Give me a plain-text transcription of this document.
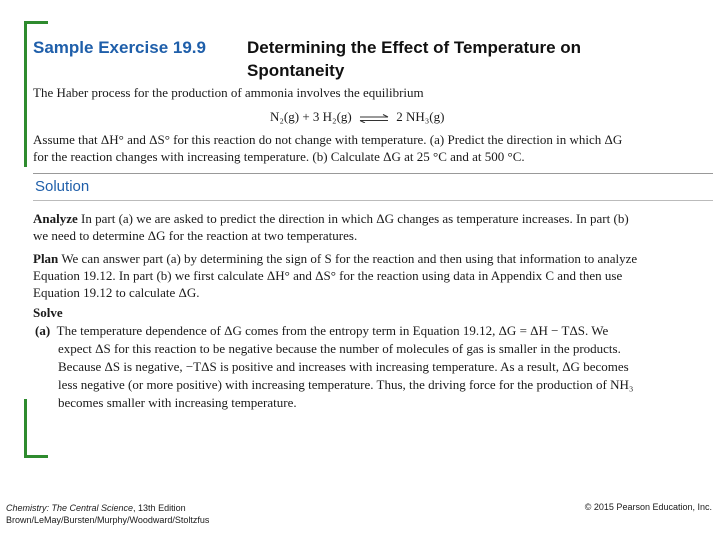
Sample Exercise 19.9 Determining the Effect of Temperature on
Spontaneity
The Haber process for the production of ammonia involves the equilibrium
N₂(g) + 3 H₂(g) ⇌ 2 NH₃(g)
Assume that ΔH° and ΔS° for this reaction do not change with temperature. (a) Predict the direction in which ΔG
for the reaction changes with increasing temperature. (b) Calculate ΔG at 25 °C and at 500 °C.
Solution
Analyze In part (a) we are asked to predict the direction in which ΔG changes as temperature increases. In part (b)
we need to determine ΔG for the reaction at two temperatures.
Plan We can answer part (a) by determining the sign of S for the reaction and then using that information to analyze
Equation 19.12. In part (b) we first calculate ΔH° and ΔS° for the reaction using data in Appendix C and then use
Equation 19.12 to calculate ΔG.
Solve
(a) The temperature dependence of ΔG comes from the entropy term in Equation 19.12, ΔG = ΔH − TΔS. We
expect ΔS for this reaction to be negative because the number of molecules of gas is smaller in the products.
Because ΔS is negative, −TΔS is positive and increases with increasing temperature. As a result, ΔG becomes
less negative (or more positive) with increasing temperature. Thus, the driving force for the production of NH₃
becomes smaller with increasing temperature.
Chemistry: The Central Science, 13th Edition
Brown/LeMay/Bursten/Murphy/Woodward/Stoltzfus
© 2015 Pearson Education, Inc.
